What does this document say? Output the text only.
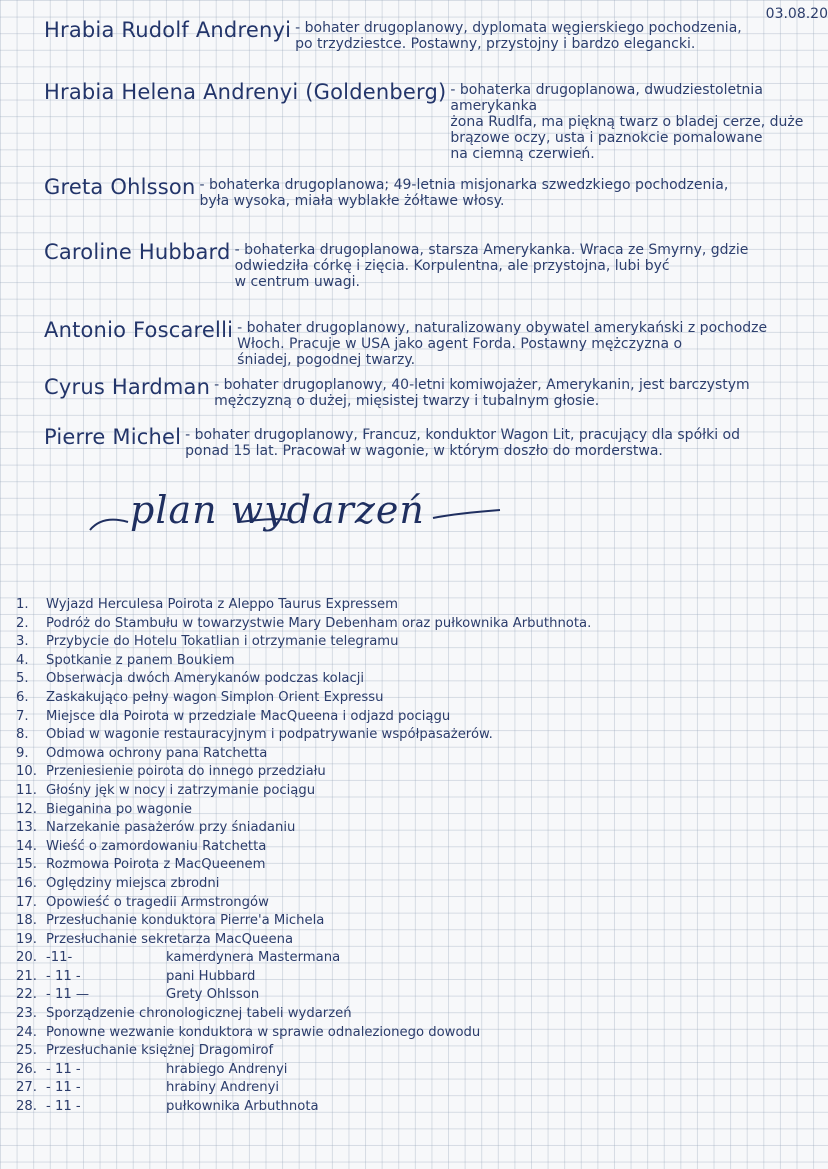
03.08.20
Hrabia Rudolf Andrenyi - bohater drugoplanowy, dyplomata węgierskiego pochodzenia,
po trzydziestce. Postawny, przystojny i bardzo elegancki.
Hrabia Helena Andrenyi (Goldenberg) - bohaterka drugoplanowa, dwudziestoletnia amerykanka
żona Rudlfa, ma piękną twarz o bladej cerze, duże
brązowe oczy, usta i paznokcie pomalowane
na ciemną czerwień.
Greta Ohlsson - bohaterka drugoplanowa; 49-letnia misjonarka szwedzkiego pochodzenia,
była wysoka, miała wyblakłe żółtawe włosy.
Caroline Hubbard - bohaterka drugoplanowa, starsza Amerykanka. Wraca ze Smyrny, gdzie
odwiedziła córkę i zięcia. Korpulentna, ale przystojna, lubi być
w centrum uwagi.
Antonio Foscarelli - bohater drugoplanowy, naturalizowany obywatel amerykański z pochodze
Włoch. Pracuje w USA jako agent Forda. Postawny mężczyzna o
śniadej, pogodnej twarzy.
Cyrus Hardman - bohater drugoplanowy, 40-letni komiwojażer, Amerykanin, jest barczystym
mężczyzną o dużej, mięsistej twarzy i tubalnym głosie.
Pierre Michel - bohater drugoplanowy, Francuz, konduktor Wagon Lit, pracujący dla spółki od
ponad 15 lat. Pracował w wagonie, w którym doszło do morderstwa.
plan wydarzeń
1.	Wyjazd Herculesa Poirota z Aleppo Taurus Expressem
2.	Podróż do Stambułu w towarzystwie Mary Debenham oraz pułkownika Arbuthnota.
3.	Przybycie do Hotelu Tokatlian i otrzymanie telegramu
4.	Spotkanie z panem Boukiem
5.	Obserwacja dwóch Amerykanów podczas kolacji
6.	Zaskakująco pełny wagon Simplon Orient Expressu
7.	Miejsce dla Poirota w przedziale MacQueena i odjazd pociągu
8.	Obiad w wagonie restauracyjnym i podpatrywanie współpasażerów.
9.	Odmowa ochrony pana Ratchetta
10. Przeniesienie poirota do innego przedziału
11. Głośny jęk w nocy i zatrzymanie pociągu
12. Bieganina po wagonie
13. Narzekanie pasażerów przy śniadaniu
14. Wieść o zamordowaniu Ratchetta
15. Rozmowa Poirota z MacQueenem
16. Oględziny miejsca zbrodni
17. Opowieść o tragedii Armstrongów
18. Przesłuchanie konduktora Pierre'a Michela
19. Przesłuchanie sekretarza MacQueena
20. -11-	kamerdynera Mastermana
21. - 11 -	pani Hubbard
22. - 11 —	Grety Ohlsson
23. Sporządzenie chronologicznej tabeli wydarzeń
24. Ponowne wezwanie konduktora w sprawie odnalezionego dowodu
25. Przesłuchanie księżnej Dragomirof
26. - 11 -	hrabiego Andrenyi
27. - 11 -	hrabiny Andrenyi
28. - 11 -	pułkownika Arbuthnota
